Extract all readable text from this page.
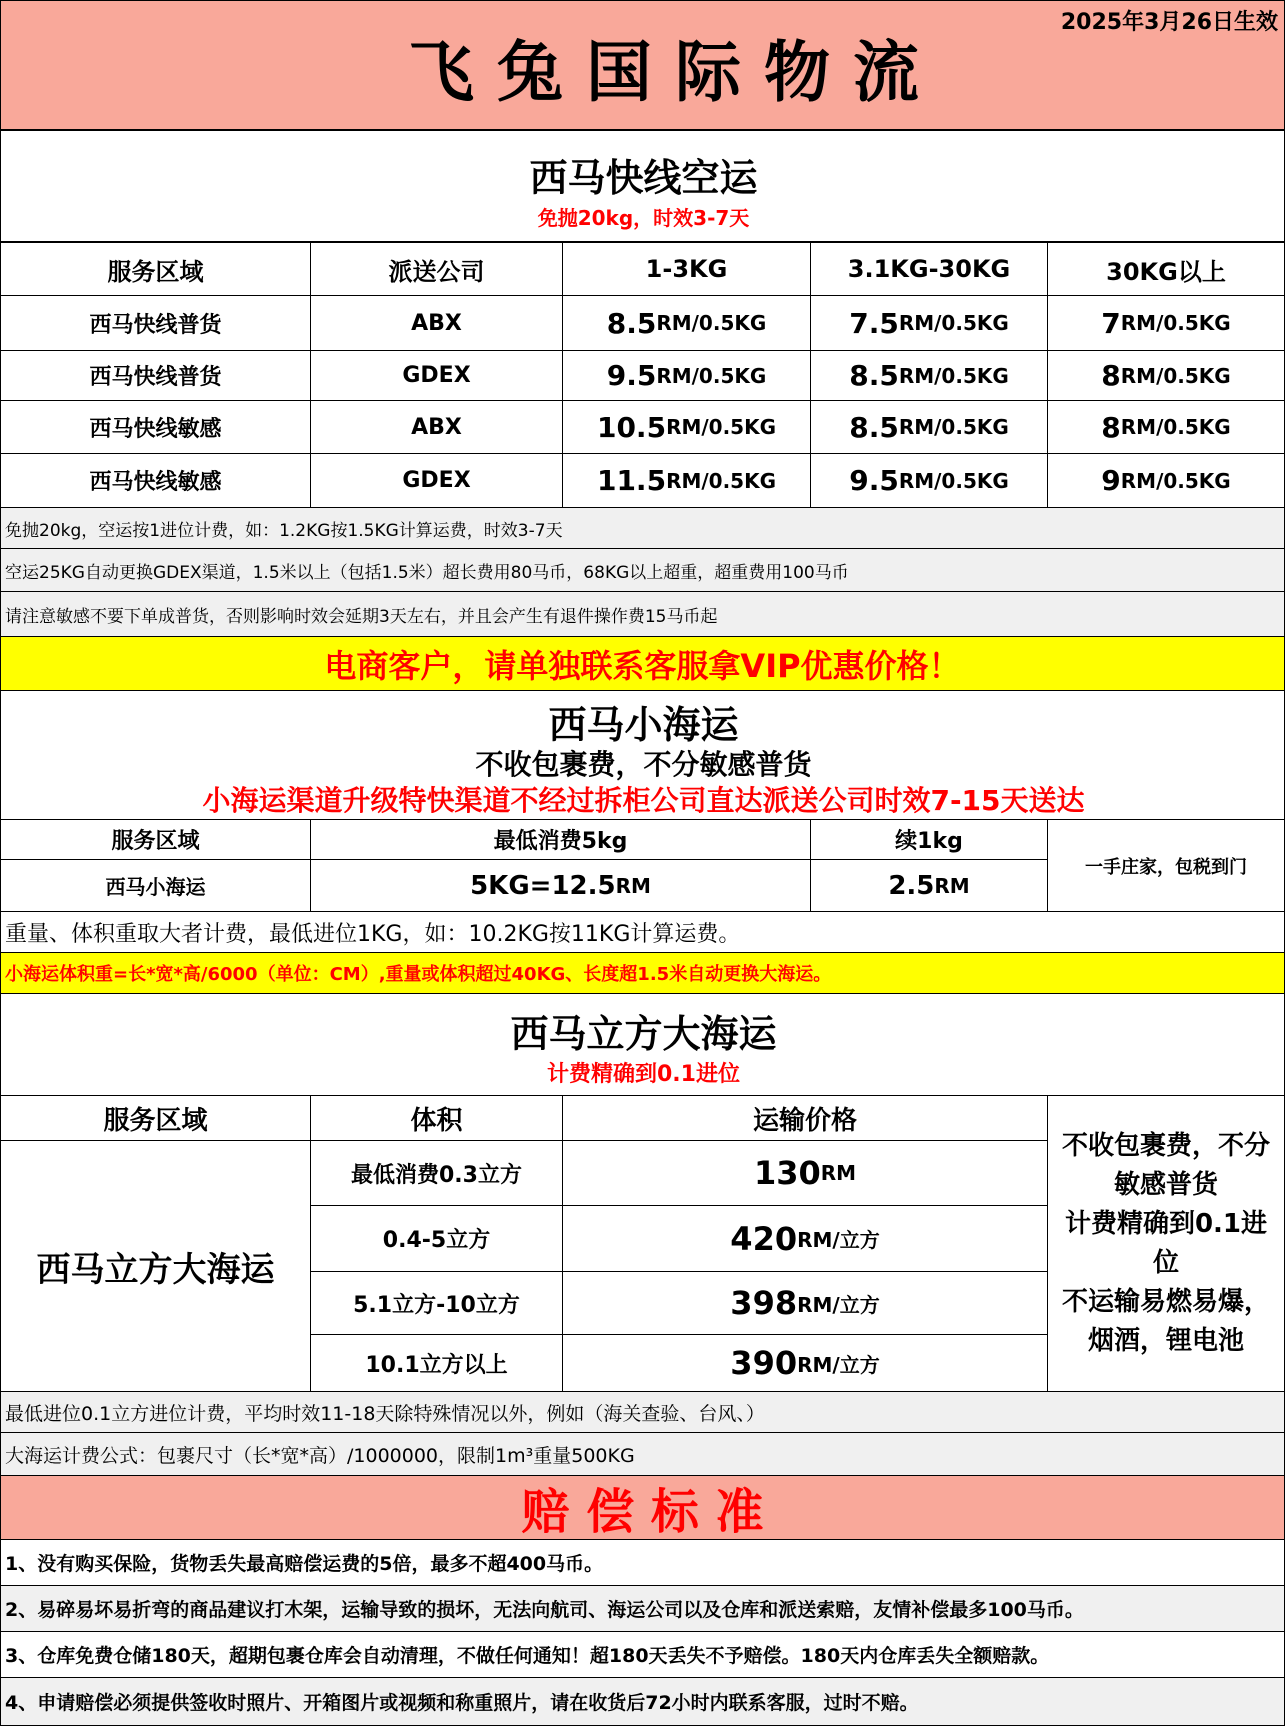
2025年3月26日生效
飞 兔 国 际 物 流
西马快线空运
免抛20kg，时效3-7天
服务区域	派送公司	1-3KG	3.1KG-30KG	30KG以上
西马快线普货	ABX	8.5 RM/0.5KG	7.5 RM/0.5KG	7 RM/0.5KG
西马快线普货	GDEX	9.5 RM/0.5KG	8.5 RM/0.5KG	8 RM/0.5KG
西马快线敏感	ABX	10.5 RM/0.5KG	8.5 RM/0.5KG	8 RM/0.5KG
西马快线敏感	GDEX	11.5 RM/0.5KG	9.5 RM/0.5KG	9 RM/0.5KG
免抛20kg，空运按1进位计费，如：1.2KG按1.5KG计算运费，时效3-7天
空运25KG自动更换GDEX渠道，1.5米以上（包括1.5米）超长费用80马币，68KG以上超重，超重费用100马币
请注意敏感不要下单成普货，否则影响时效会延期3天左右，并且会产生有退件操作费15马币起
电商客户，请单独联系客服拿VIP优惠价格！
西马小海运
不收包裹费，不分敏感普货
小海运渠道升级特快渠道不经过拆柜公司直达派送公司时效7-15天送达
服务区域	最低消费5kg	续1kg
一手庄家，包税到门
西马小海运	5KG=12.5 RM	2.5 RM
重量、体积重取大者计费，最低进位1KG，如：10.2KG按11KG计算运费。
小海运体积重=长*宽*高/6000（单位：CM）,重量或体积超过40KG、长度超1.5米自动更换大海运。
西马立方大海运
计费精确到0.1进位
服务区域	体积	运输价格
西马立方大海运
最低消费0.3立方	130 RM
0.4-5立方	420 RM/立方
5.1立方-10立方	398 RM/立方
10.1立方以上	390 RM/立方
不收包裹费，不分
敏感普货
计费精确到0.1进
位
不运输易燃易爆，
烟酒，锂电池
最低进位0.1立方进位计费，平均时效11-18天除特殊情况以外，例如（海关查验、台风、）
大海运计费公式：包裹尺寸（长*宽*高）/1000000，限制1m³重量500KG
赔 偿 标 准
1、没有购买保险，货物丢失最高赔偿运费的5倍，最多不超400马币。
2、易碎易坏易折弯的商品建议打木架，运输导致的损坏，无法向航司、海运公司以及仓库和派送索赔，友情补偿最多100马币。
3、仓库免费仓储180天，超期包裹仓库会自动清理，不做任何通知！超180天丢失不予赔偿。180天内仓库丢失全额赔款。
4、申请赔偿必须提供签收时照片、开箱图片或视频和称重照片，请在收货后72小时内联系客服，过时不赔。
